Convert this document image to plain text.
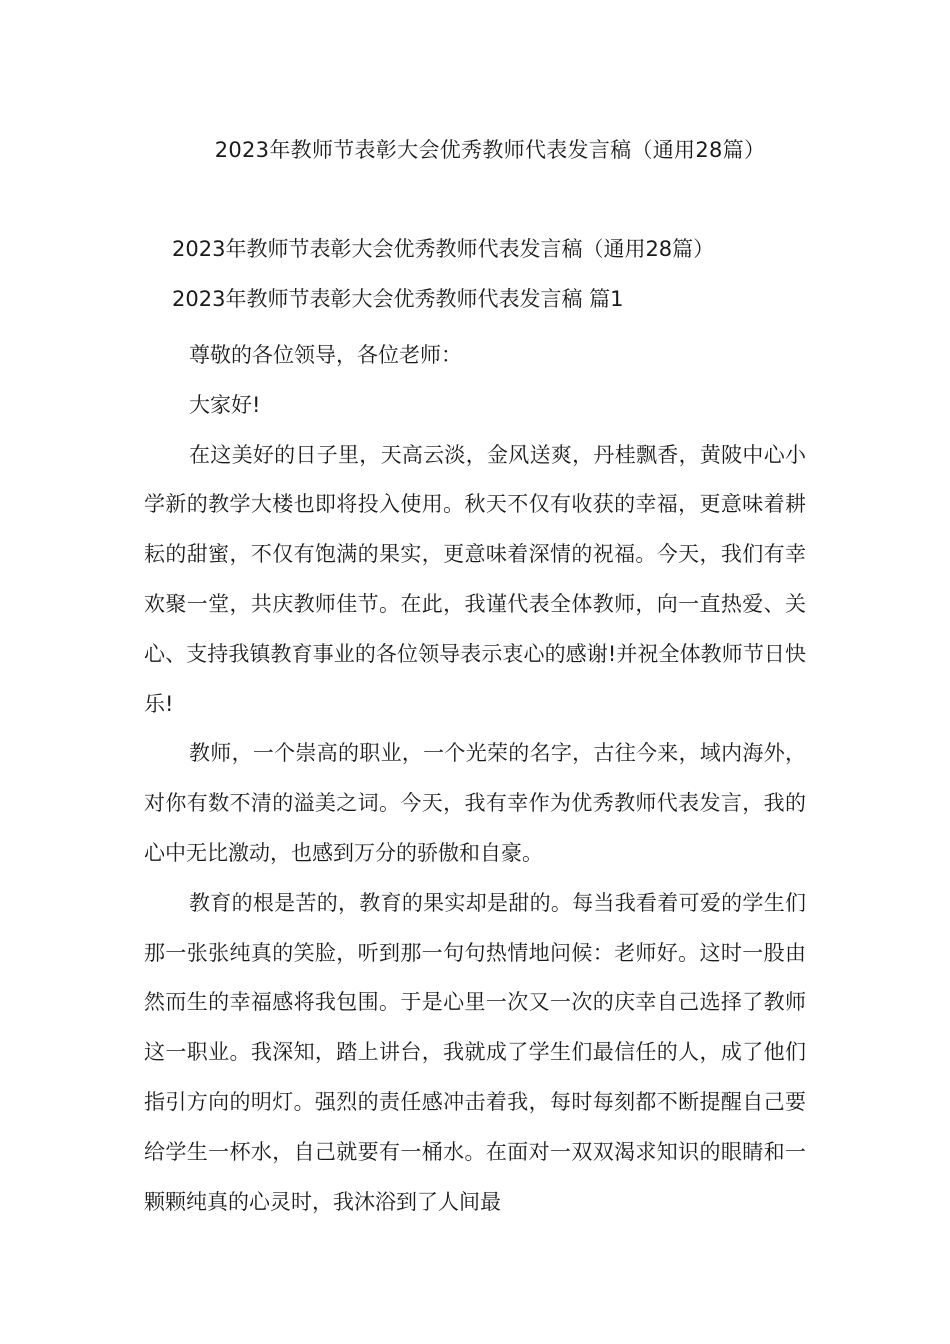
2023年教师节表彰大会优秀教师代表发言稿（通用28篇）
2023年教师节表彰大会优秀教师代表发言稿（通用28篇）
2023年教师节表彰大会优秀教师代表发言稿 篇1

尊敬的各位领导，各位老师：

大家好!

在这美好的日子里，天高云淡，金风送爽，丹桂飘香，黄陂中心小学新的教学大楼也即将投入使用。秋天不仅有收获的幸福，更意味着耕耘的甜蜜，不仅有饱满的果实，更意味着深情的祝福。今天，我们有幸欢聚一堂，共庆教师佳节。在此，我谨代表全体教师，向一直热爱、关心、支持我镇教育事业的各位领导表示衷心的感谢!并祝全体教师节日快乐!

教师，一个崇高的职业，一个光荣的名字，古往今来，域内海外，对你有数不清的溢美之词。今天，我有幸作为优秀教师代表发言，我的心中无比激动，也感到万分的骄傲和自豪。

教育的根是苦的，教育的果实却是甜的。每当我看着可爱的学生们那一张张纯真的笑脸，听到那一句句热情地问候：老师好。这时一股由然而生的幸福感将我包围。于是心里一次又一次的庆幸自己选择了教师这一职业。我深知，踏上讲台，我就成了学生们最信任的人，成了他们指引方向的明灯。强烈的责任感冲击着我，每时每刻都不断提醒自己要给学生一杯水，自己就要有一桶水。在面对一双双渴求知识的眼睛和一颗颗纯真的心灵时，我沐浴到了人间最
